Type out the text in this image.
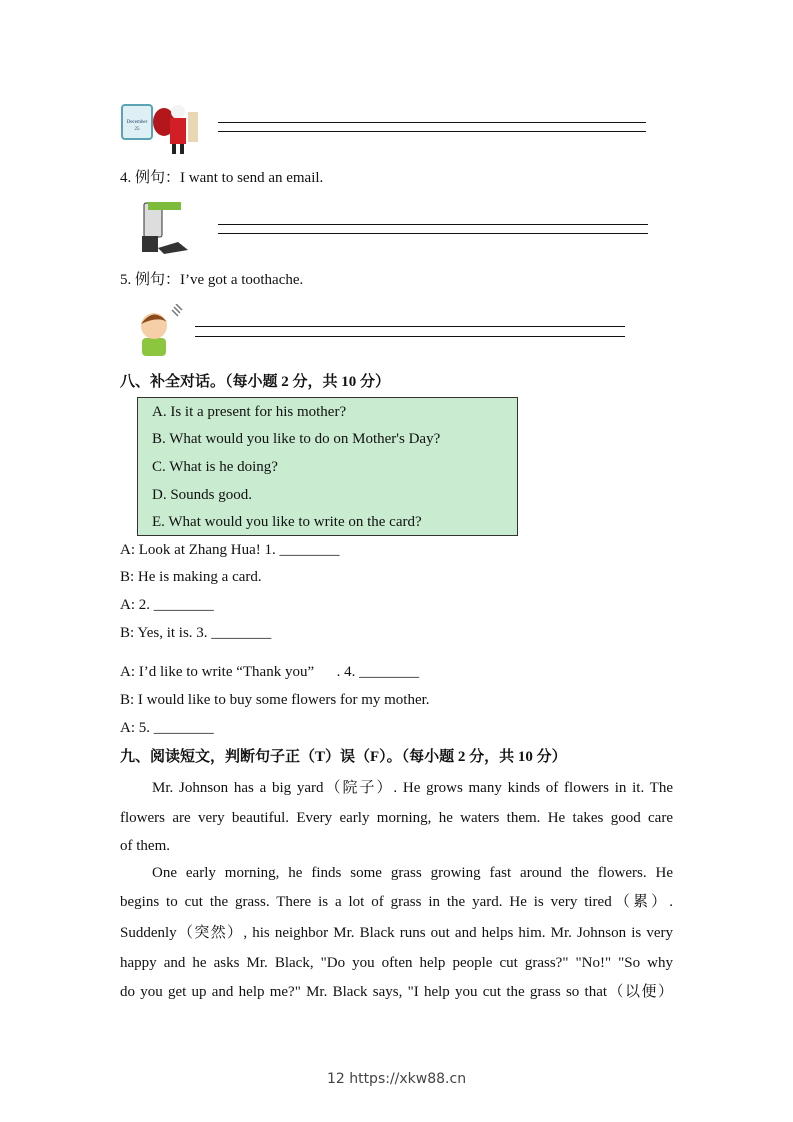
December
25
4. 例句：I want to send an email.
5. 例句：I’ve got a toothache.
八、补全对话。（每小题 2 分，共 10 分）
A. Is it a present for his mother?
B. What would you like to do on Mother's Day?
C. What is he doing?
D. Sounds good.
E. What would you like to write on the card?
A: Look at Zhang Hua! 1. ________
B: He is making a card.
A: 2. ________
B: Yes, it is. 3. ________
A: I’d like to write “Thank you”      . 4. ________
B: I would like to buy some flowers for my mother.
A: 5. ________
九、阅读短文，判断句子正（T）误（F）。（每小题 2 分，共 10 分）
Mr. Johnson has a big yard（院子）. He grows many kinds of flowers in it. The
flowers are very beautiful. Every early morning, he waters them. He takes good care
of them.
One early morning, he finds some grass growing fast around the flowers. He
begins to cut the grass. There is a lot of grass in the yard. He is very tired（累）.
Suddenly（突然）, his neighbor Mr. Black runs out and helps him. Mr. Johnson is very
happy and he asks Mr. Black, "Do you often help people cut grass?" "No!" "So why
do you get up and help me?" Mr. Black says, "I help you cut the grass so that（以便）
12 https://xkw88.cn
